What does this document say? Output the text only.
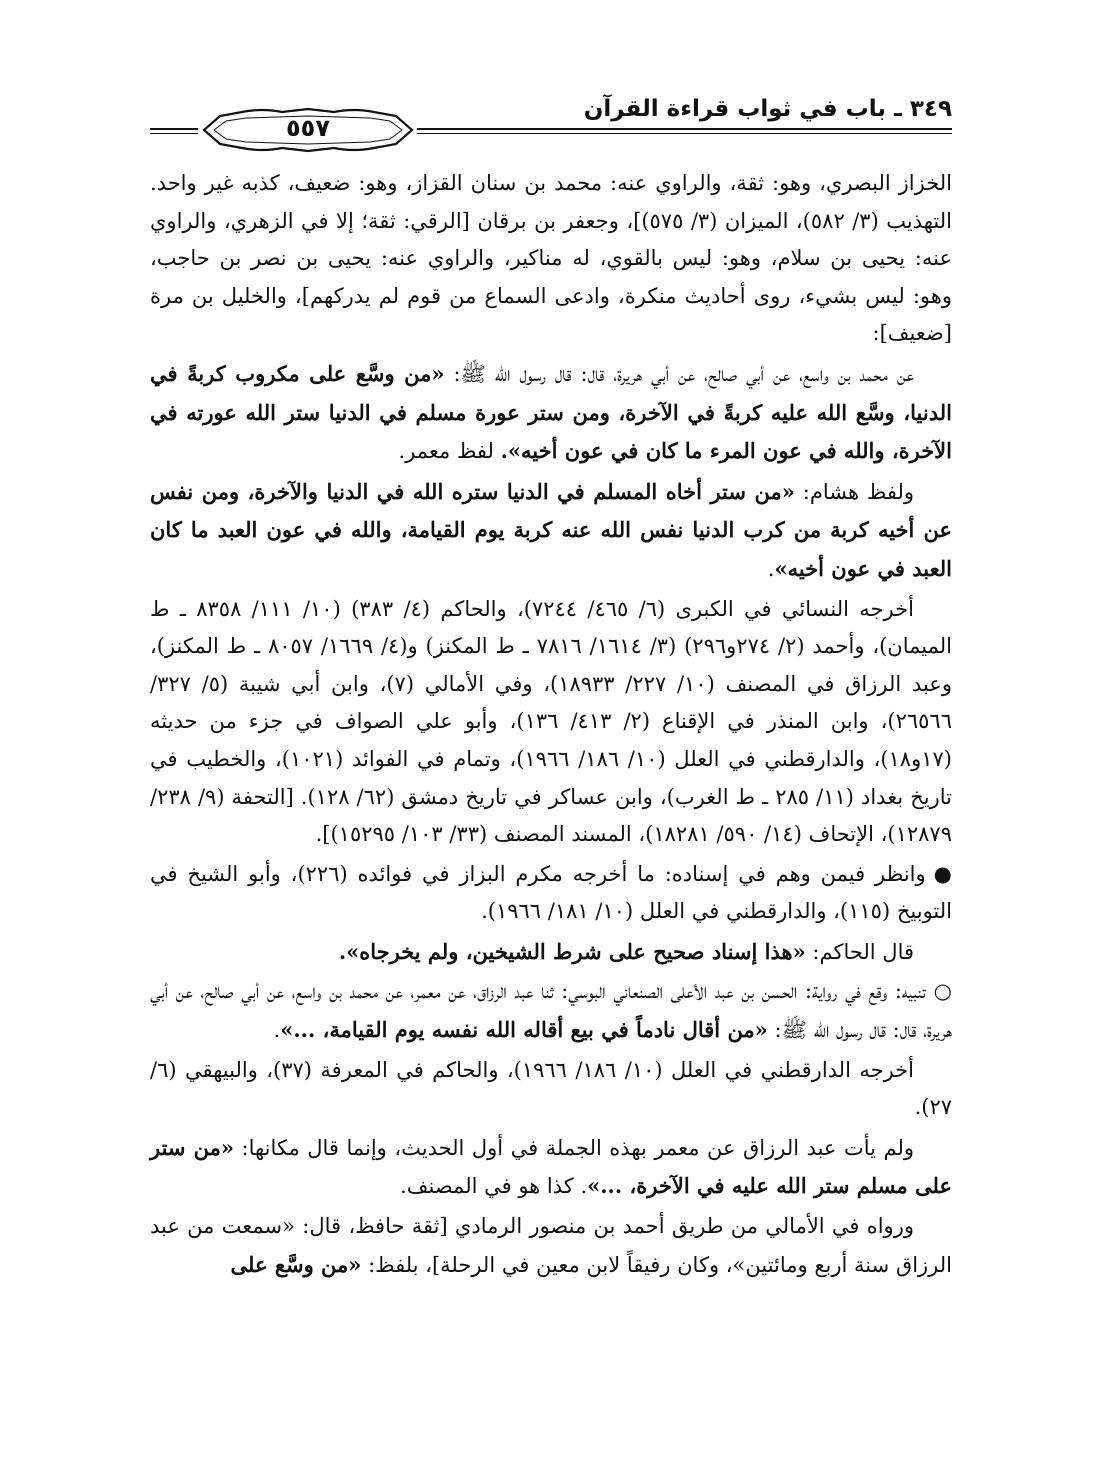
٣٤٩ ـ باب في ثواب قراءة القرآن
٥٥٧

الخزاز البصري، وهو: ثقة، والراوي عنه: محمد بن سنان القزاز، وهو: ضعيف، كذبه غير واحد. التهذيب (٣/ ٥٨٢)، الميزان (٣/ ٥٧٥)]، وجعفر بن برقان [الرقي: ثقة؛ إلا في الزهري، والراوي عنه: يحيى بن سلام، وهو: ليس بالقوي، له مناكير، والراوي عنه: يحيى بن نصر بن حاجب، وهو: ليس بشيء، روى أحاديث منكرة، وادعى السماع من قوم لم يدركهم]، والخليل بن مرة [ضعيف]:

عن محمد بن واسع، عن أبي صالح، عن أبي هريرة، قال: قال رسول الله ﷺ: «من وسَّع على مكروب كربةً في الدنيا، وسَّع الله عليه كربةً في الآخرة، ومن ستر عورة مسلم في الدنيا ستر الله عورته في الآخرة، والله في عون المرء ما كان في عون أخيه». لفظ معمر.

ولفظ هشام: «من ستر أخاه المسلم في الدنيا ستره الله في الدنيا والآخرة، ومن نفس عن أخيه كربة من كرب الدنيا نفس الله عنه كربة يوم القيامة، والله في عون العبد ما كان العبد في عون أخيه».

أخرجه النسائي في الكبرى (٦/ ٤٦٥/ ٧٢٤٤)، والحاكم (٤/ ٣٨٣) (١٠/ ١١١/ ٨٣٥٨ ـ ط الميمان)، وأحمد (٢/ ٢٧٤و٢٩٦) (٣/ ١٦١٤/ ٧٨١٦ ـ ط المكنز) و(٤/ ١٦٦٩/ ٨٠٥٧ ـ ط المكنز)، وعبد الرزاق في المصنف (١٠/ ٢٢٧/ ١٨٩٣٣)، وفي الأمالي (٧)، وابن أبي شيبة (٥/ ٣٢٧/ ٢٦٥٦٦)، وابن المنذر في الإقناع (٢/ ٤١٣/ ١٣٦)، وأبو علي الصواف في جزء من حديثه (١٧و١٨)، والدارقطني في العلل (١٠/ ١٨٦/ ١٩٦٦)، وتمام في الفوائد (١٠٢١)، والخطيب في تاريخ بغداد (١١/ ٢٨٥ ـ ط الغرب)، وابن عساكر في تاريخ دمشق (٦٢/ ١٢٨). [التحفة (٩/ ٢٣٨/ ١٢٨٧٩)، الإتحاف (١٤/ ٥٩٠/ ١٨٢٨١)، المسند المصنف (٣٣/ ١٠٣/ ١٥٢٩٥)].

●وانظر فيمن وهم في إسناده: ما أخرجه مكرم البزاز في فوائده (٢٢٦)، وأبو الشيخ في التوبيخ (١١٥)، والدارقطني في العلل (١٠/ ١٨١/ ١٩٦٦).

قال الحاكم: «هذا إسناد صحيح على شرط الشيخين، ولم يخرجاه».

○تنبيه: وقع في رواية: الحسن بن عبد الأعلى الصنعاني البوسي: ثنا عبد الرزاق، عن معمر، عن محمد بن واسع، عن أبي صالح، عن أبي هريرة، قال: قال رسول الله ﷺ: «من أقال نادماً في بيع أقاله الله نفسه يوم القيامة، ...».

أخرجه الدارقطني في العلل (١٠/ ١٨٦/ ١٩٦٦)، والحاكم في المعرفة (٣٧)، والبيهقي (٦/ ٢٧).

ولم يأت عبد الرزاق عن معمر بهذه الجملة في أول الحديث، وإنما قال مكانها: «من ستر على مسلم ستر الله عليه في الآخرة، ...». كذا هو في المصنف.

ورواه في الأمالي من طريق أحمد بن منصور الرمادي [ثقة حافظ، قال: «سمعت من عبد الرزاق سنة أربع ومائتين»، وكان رفيقاً لابن معين في الرحلة]، بلفظ: «من وسَّع على
